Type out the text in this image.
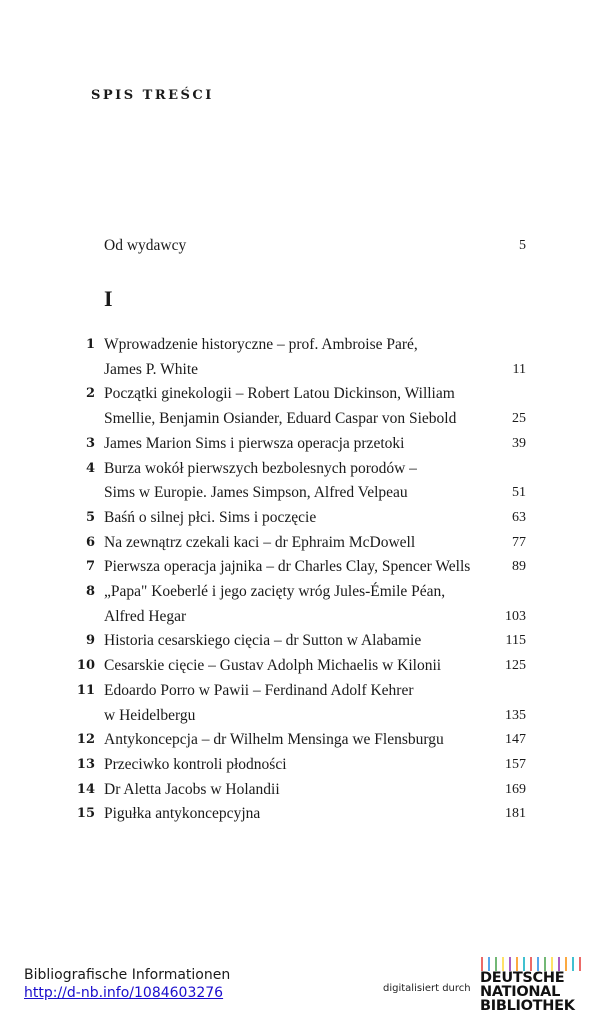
SPIS TREŚCI
Od wydawcy	5
I
1 Wprowadzenie historyczne – prof. Ambroise Paré,
James P. White	11
2 Początki ginekologii – Robert Latou Dickinson, William
Smellie, Benjamin Osiander, Eduard Caspar von Siebold	25
3 James Marion Sims i pierwsza operacja przetoki	39
4 Burza wokół pierwszych bezbolesnych porodów –
Sims w Europie. James Simpson, Alfred Velpeau	51
5 Baśń o silnej płci. Sims i poczęcie	63
6 Na zewnątrz czekali kaci – dr Ephraim McDowell	77
7 Pierwsza operacja jajnika – dr Charles Clay, Spencer Wells	89
8 „Papa" Koeberlé i jego zacięty wróg Jules-Émile Péan,
Alfred Hegar	103
9 Historia cesarskiego cięcia – dr Sutton w Alabamie	115
10 Cesarskie cięcie – Gustav Adolph Michaelis w Kilonii	125
11 Edoardo Porro w Pawii – Ferdinand Adolf Kehrer
w Heidelbergu	135
12 Antykoncepcja – dr Wilhelm Mensinga we Flensburgu	147
13 Przeciwko kontroli płodności	157
14 Dr Aletta Jacobs w Holandii	169
15 Pigułka antykoncepcyjna	181
Bibliografische Informationen
http://d-nb.info/1084603276	digitalisiert durch
DEUTSCHE
NATIONAL
BIBLIOTHEK
